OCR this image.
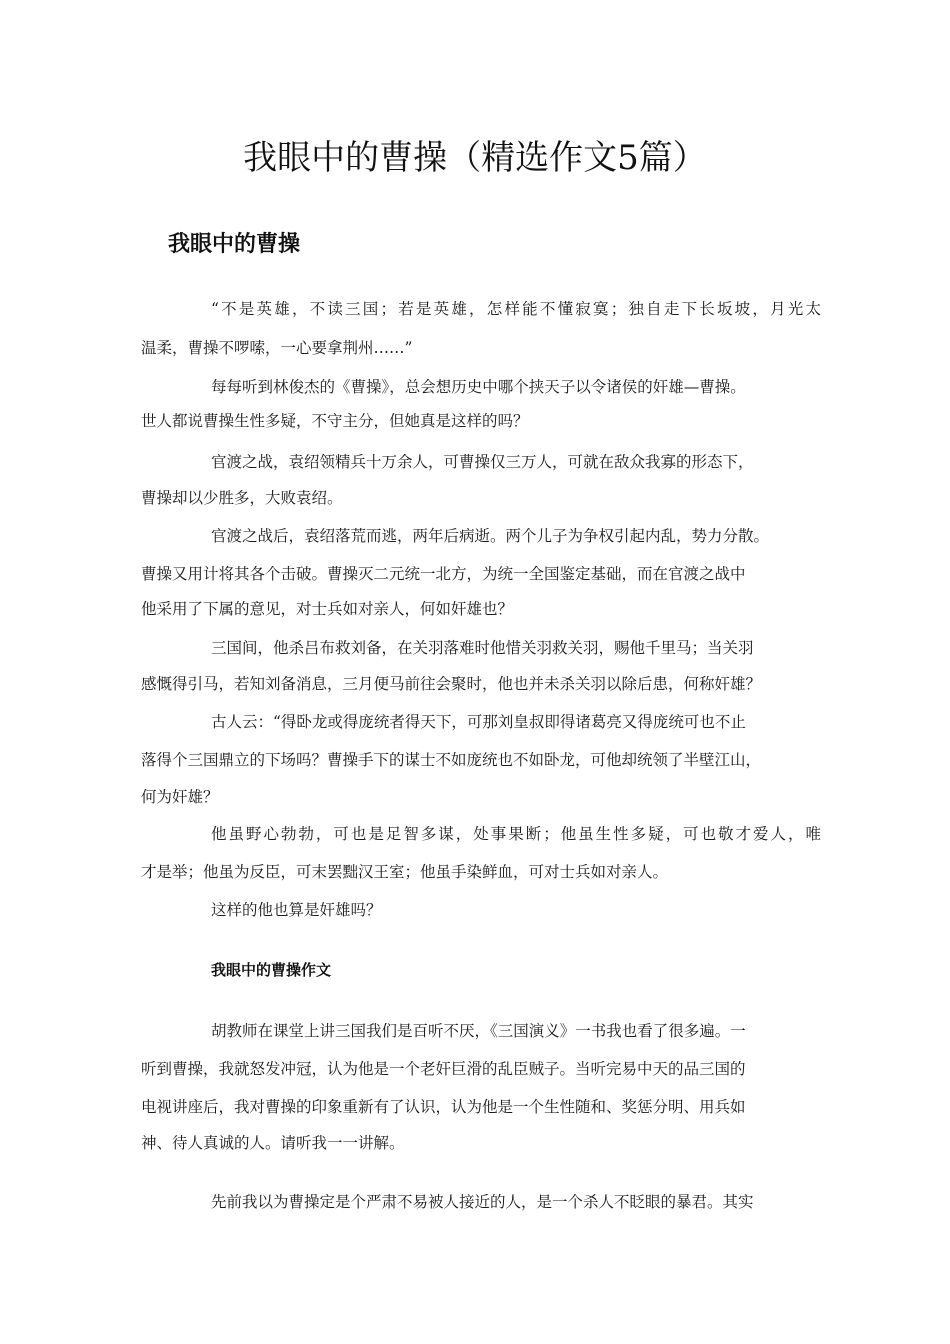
我眼中的曹操（精选作文5篇）
我眼中的曹操

“不是英雄，不读三国；若是英雄，怎样能不懂寂寞；独自走下长坂坡，月光太

温柔，曹操不啰嗦，一心要拿荆州……”

每每听到林俊杰的《曹操》，总会想历史中哪个挟天子以令诸侯的奸雄—曹操。

世人都说曹操生性多疑，不守主分，但她真是这样的吗？

官渡之战，袁绍领精兵十万余人，可曹操仅三万人，可就在敌众我寡的形态下，

曹操却以少胜多，大败袁绍。

官渡之战后，袁绍落荒而逃，两年后病逝。两个儿子为争权引起内乱，势力分散。

曹操又用计将其各个击破。曹操灭二元统一北方，为统一全国鉴定基础，而在官渡之战中

他采用了下属的意见，对士兵如对亲人，何如奸雄也？

三国间，他杀吕布救刘备，在关羽落难时他惜关羽救关羽，赐他千里马；当关羽

感慨得引马，若知刘备消息，三月便马前往会聚时，他也并未杀关羽以除后患，何称奸雄？

古人云：“得卧龙或得庞统者得天下，可那刘皇叔即得诸葛亮又得庞统可也不止

落得个三国鼎立的下场吗？曹操手下的谋士不如庞统也不如卧龙，可他却统领了半壁江山，

何为奸雄？

他虽野心勃勃，可也是足智多谋，处事果断；他虽生性多疑，可也敬才爱人，唯

才是举；他虽为反臣，可末罢黜汉王室；他虽手染鲜血，可对士兵如对亲人。

这样的他也算是奸雄吗？

我眼中的曹操作文

胡教师在课堂上讲三国我们是百听不厌，《三国演义》一书我也看了很多遍。一

听到曹操，我就怒发冲冠，认为他是一个老奸巨滑的乱臣贼子。当听完易中天的品三国的

电视讲座后，我对曹操的印象重新有了认识，认为他是一个生性随和、奖惩分明、用兵如

神、待人真诚的人。请听我一一讲解。

先前我以为曹操定是个严肃不易被人接近的人，是一个杀人不眨眼的暴君。其实
